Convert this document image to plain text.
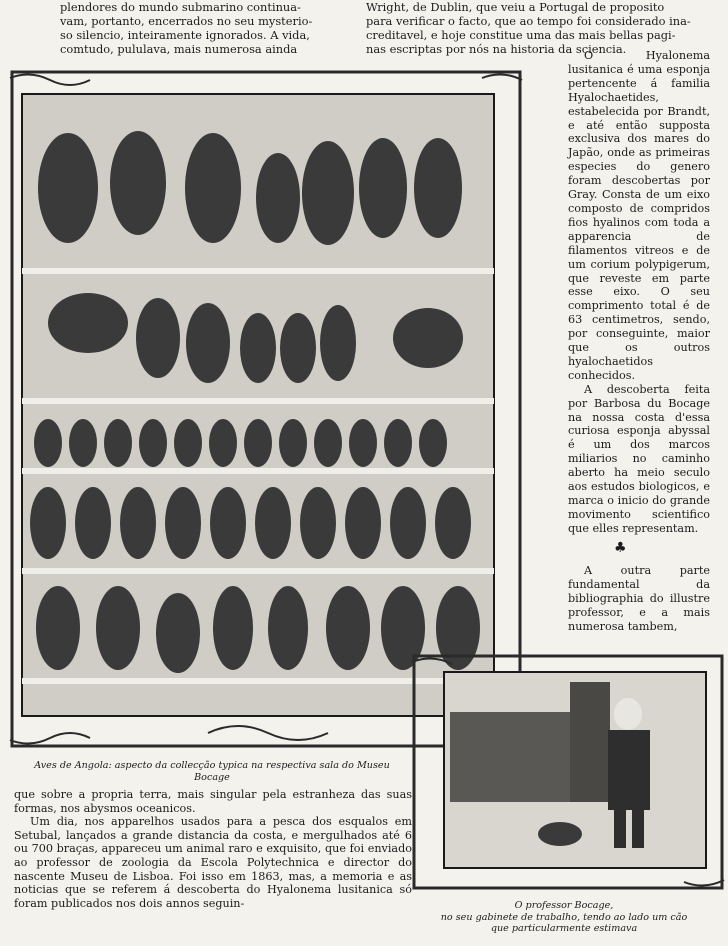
plendores do mundo submarino continua-
vam, portanto, encerrados no seu mysterio-
so silencio, inteiramente ignorados. A vida,
comtudo, pululava, mais numerosa ainda
Wright, de Dublin, que veiu a Portugal de proposito
para verificar o facto, que ao tempo foi considerado ina-
creditavel, e hoje constitue uma das mais bellas pagi-
nas escriptas por nós na historia da sciencia.

O Hyalonema lusitanica é uma esponja pertencente á familia Hyalochaetides, estabelecida por Brandt, e até então supposta exclusiva dos mares do Japão, onde as primeiras especies do genero foram descobertas por Gray. Consta de um eixo composto de compridos fios hyalinos com toda a apparencia de filamentos vitreos e de um corium polypigerum, que reveste em parte esse eixo. O seu comprimento total é de 63 centimetros, sendo, por conseguinte, maior que os outros hyalochaetidos conhecidos.

A descoberta feita por Barbosa du Bocage na nossa costa d'essa curiosa esponja abyssal é um dos marcos miliarios no caminho aberto ha meio seculo aos estudos biologicos, e marca o inicio do grande movimento scientifico que elles representam.

♣

A outra parte fundamental da bibliographia do illustre professor, e a mais numerosa tambem,

Aves de Angola: aspecto da collecção typica na respectiva sala do Museu Bocage

que sobre a propria terra, mais singular pela estranheza das suas formas, nos abysmos oceanicos.

Um dia, nos apparelhos usados para a pesca dos esqualos em Setubal, lançados a grande distancia da costa, e mergulhados até 6 ou 700 braças, appareceu um animal raro e exquisito, que foi enviado ao professor de zoologia da Escola Polytechnica e director do nascente Museu de Lisboa. Foi isso em 1863, mas, a memoria e as noticias que se referem á descoberta do Hyalonema lusitanica só foram publicados nos dois annos seguin-	O professor Bocage,
no seu gabinete de trabalho, tendo ao lado um cão
que particularmente estimava
